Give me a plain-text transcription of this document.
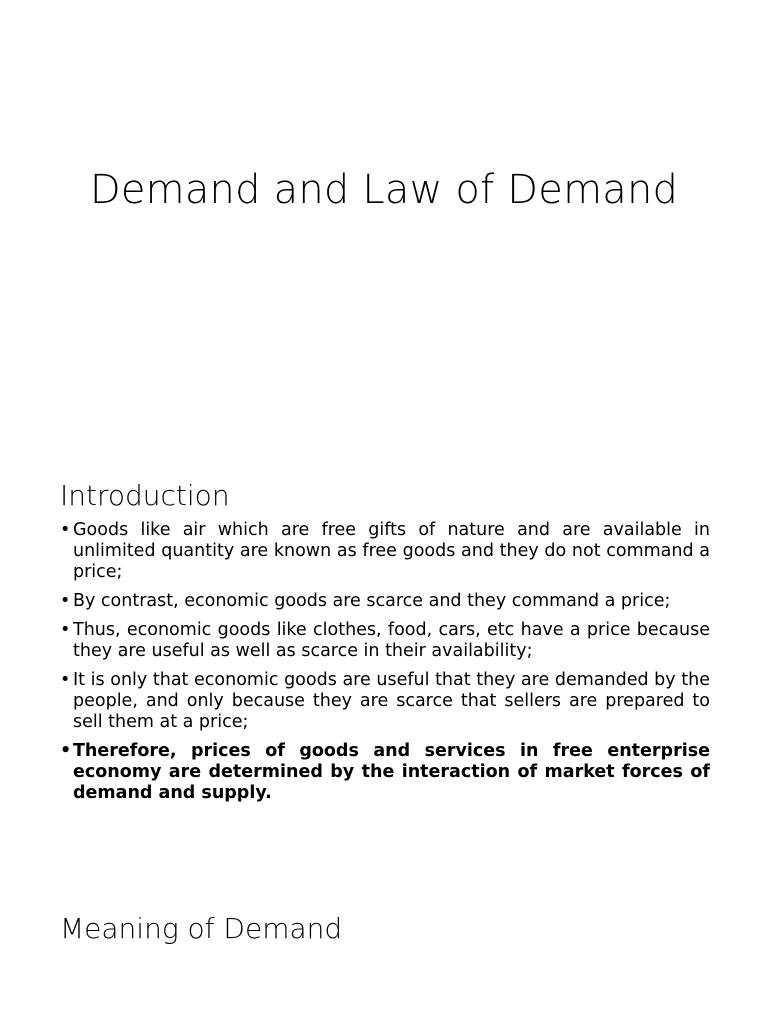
Demand and Law of Demand
Introduction
• Goods like air which are free gifts of nature and are available in unlimited quantity are known as free goods and they do not command a price;
• By contrast, economic goods are scarce and they command a price;
• Thus, economic goods like clothes, food, cars, etc have a price because they are useful as well as scarce in their availability;
• It is only that economic goods are useful that they are demanded by the people, and only because they are scarce that sellers are prepared to sell them at a price;
• Therefore, prices of goods and services in free enterprise economy are determined by the interaction of market forces of demand and supply.
Meaning of Demand
